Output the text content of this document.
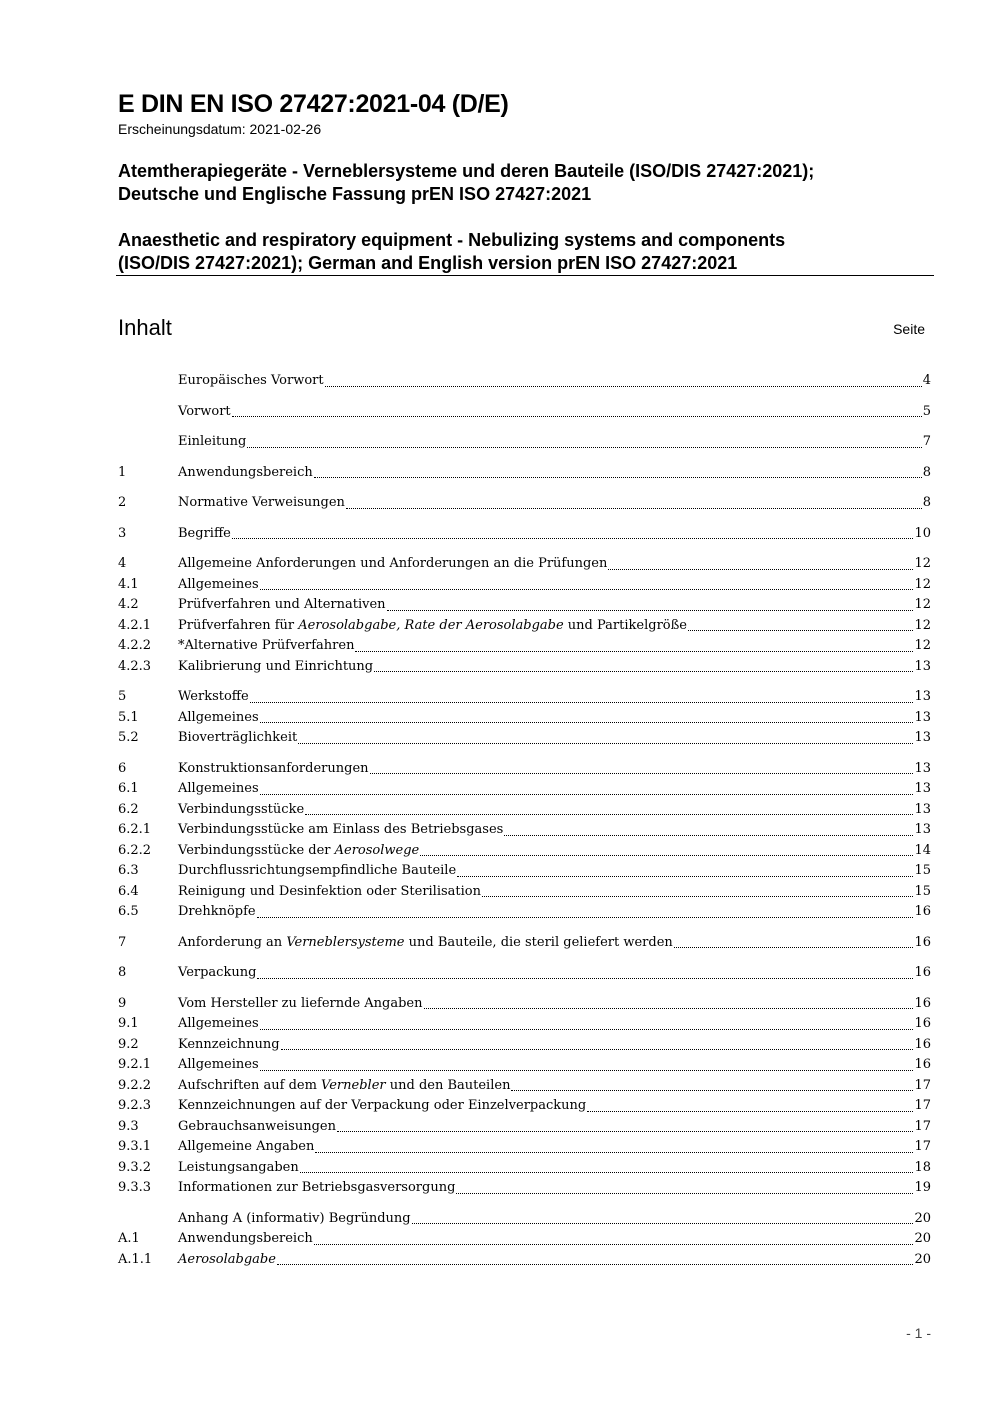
E DIN EN ISO 27427:2021-04 (D/E)
Erscheinungsdatum: 2021-02-26
Atemtherapiegeräte - Verneblersysteme und deren Bauteile (ISO/DIS 27427:2021);
Deutsche und Englische Fassung prEN ISO 27427:2021
Anaesthetic and respiratory equipment - Nebulizing systems and components
(ISO/DIS 27427:2021); German and English version prEN ISO 27427:2021
Inhalt	Seite
Europäisches Vorwort	4
Vorwort	5
Einleitung	7
1	Anwendungsbereich	8
2	Normative Verweisungen	8
3	Begriffe	10
4	Allgemeine Anforderungen und Anforderungen an die Prüfungen	12
4.1	Allgemeines	12
4.2	Prüfverfahren und Alternativen	12
4.2.1	Prüfverfahren für Aerosolabgabe, Rate der Aerosolabgabe und Partikelgröße	12
4.2.2	*Alternative Prüfverfahren	12
4.2.3	Kalibrierung und Einrichtung	13
5	Werkstoffe	13
5.1	Allgemeines	13
5.2	Bioverträglichkeit	13
6	Konstruktionsanforderungen	13
6.1	Allgemeines	13
6.2	Verbindungsstücke	13
6.2.1	Verbindungsstücke am Einlass des Betriebsgases	13
6.2.2	Verbindungsstücke der Aerosolwege	14
6.3	Durchflussrichtungsempfindliche Bauteile	15
6.4	Reinigung und Desinfektion oder Sterilisation	15
6.5	Drehknöpfe	16
7	Anforderung an Verneblersysteme und Bauteile, die steril geliefert werden	16
8	Verpackung	16
9	Vom Hersteller zu liefernde Angaben	16
9.1	Allgemeines	16
9.2	Kennzeichnung	16
9.2.1	Allgemeines	16
9.2.2	Aufschriften auf dem Vernebler und den Bauteilen	17
9.2.3	Kennzeichnungen auf der Verpackung oder Einzelverpackung	17
9.3	Gebrauchsanweisungen	17
9.3.1	Allgemeine Angaben	17
9.3.2	Leistungsangaben	18
9.3.3	Informationen zur Betriebsgasversorgung	19
Anhang A (informativ) Begründung	20
A.1	Anwendungsbereich	20
A.1.1	Aerosolabgabe	20
- 1 -
